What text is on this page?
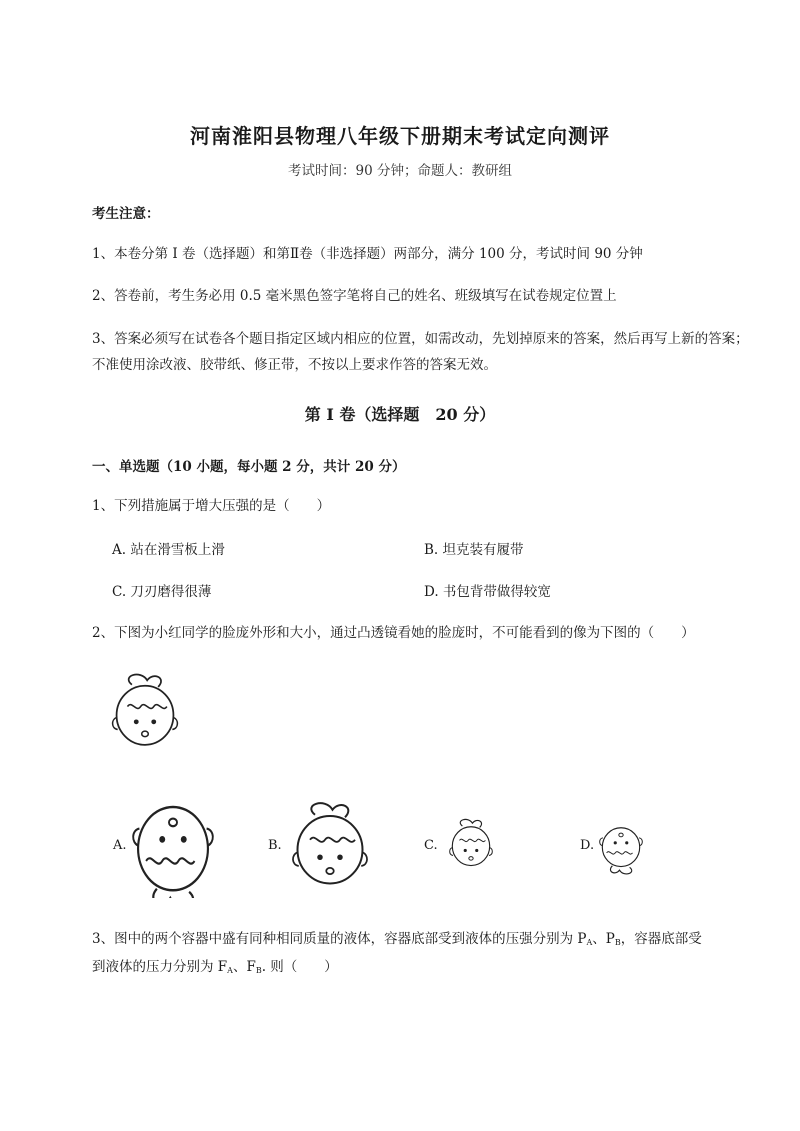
河南淮阳县物理八年级下册期末考试定向测评
考试时间：90 分钟；命题人：教研组
考生注意：
1、本卷分第 I 卷（选择题）和第Ⅱ卷（非选择题）两部分，满分 100 分，考试时间 90 分钟
2、答卷前，考生务必用 0.5 毫米黑色签字笔将自己的姓名、班级填写在试卷规定位置上
3、答案必须写在试卷各个题目指定区域内相应的位置，如需改动，先划掉原来的答案，然后再写上新的答案；不准使用涂改液、胶带纸、修正带，不按以上要求作答的答案无效。
第 I 卷（选择题　20 分）
一、单选题（10 小题，每小题 2 分，共计 20 分）
1、下列措施属于增大压强的是（　　）
A. 站在滑雪板上滑	B. 坦克装有履带
C. 刀刃磨得很薄	D. 书包背带做得较宽
2、下图为小红同学的脸庞外形和大小，通过凸透镜看她的脸庞时，不可能看到的像为下图的（　　）
A.	B.	C.	D.
3、图中的两个容器中盛有同种相同质量的液体，容器底部受到液体的压强分别为 $P_A$、$P_B$，容器底部受
到液体的压力分别为 $F_A$、$F_B$. 则（　　）
